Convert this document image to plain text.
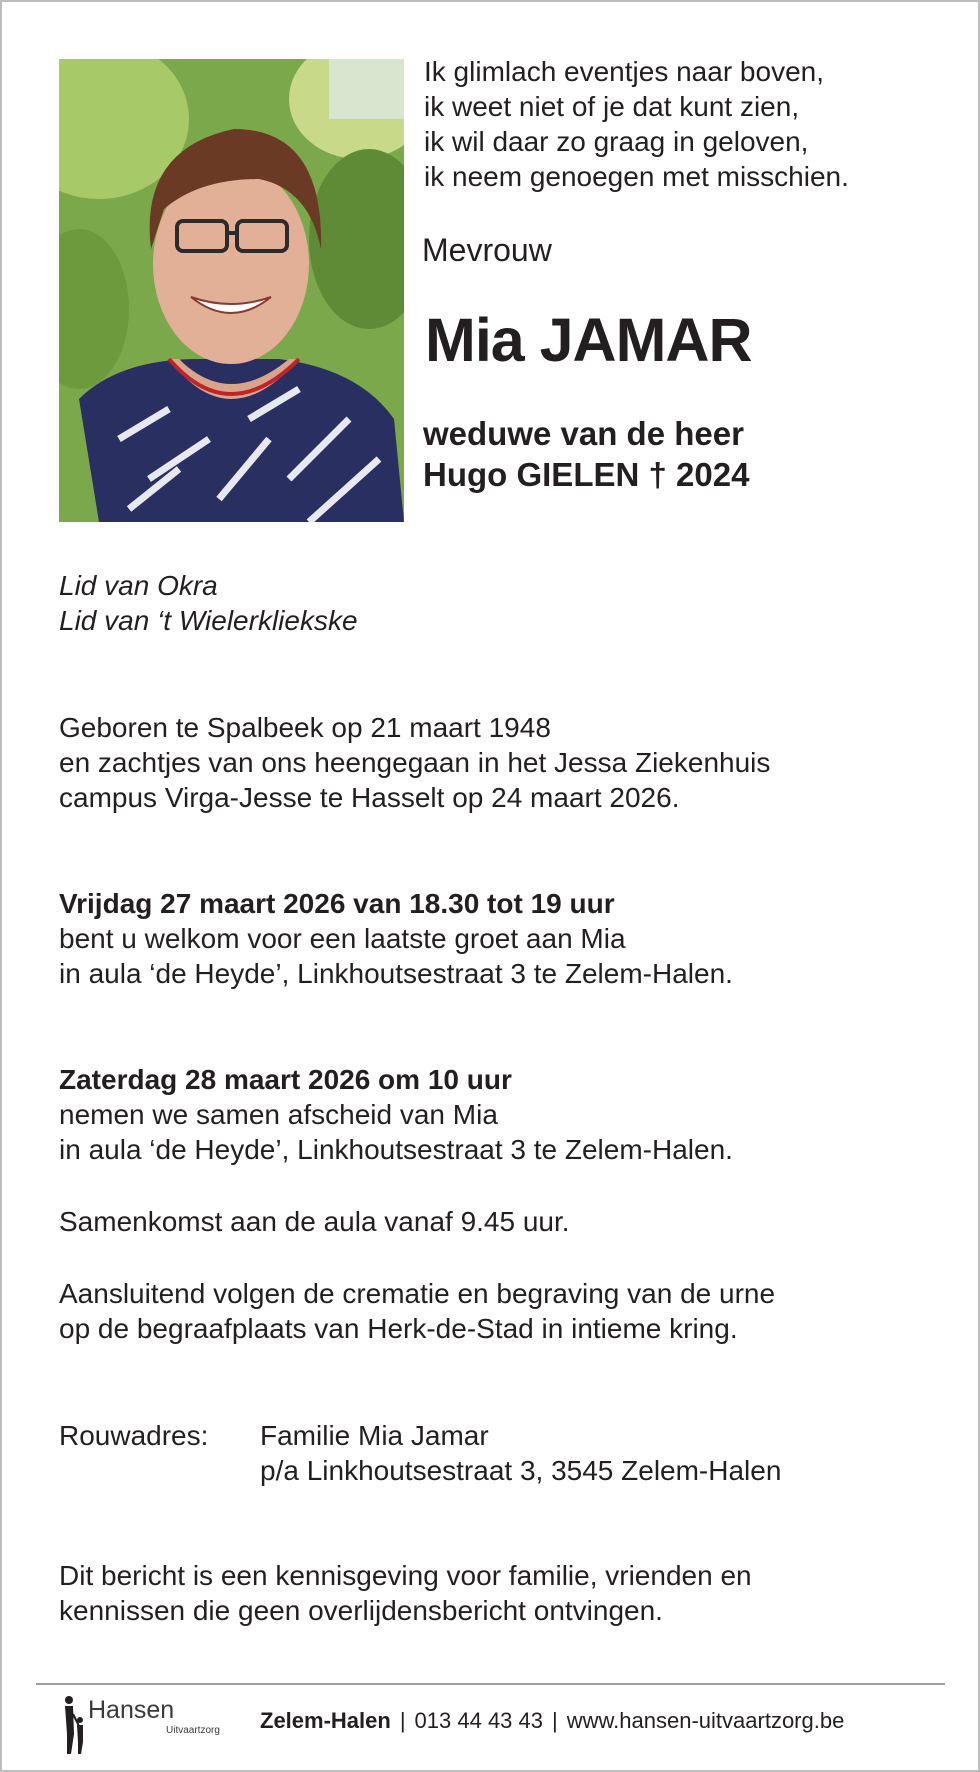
Ik glimlach eventjes naar boven,
ik weet niet of je dat kunt zien,
ik wil daar zo graag in geloven,
ik neem genoegen met misschien.
Mevrouw
Mia JAMAR
weduwe van de heer
Hugo GIELEN † 2024
Lid van Okra
Lid van ‘t Wielerkliekske
Geboren te Spalbeek op 21 maart 1948
en zachtjes van ons heengegaan in het Jessa Ziekenhuis
campus Virga-Jesse te Hasselt op 24 maart 2026.
Vrijdag 27 maart 2026 van 18.30 tot 19 uur
bent u welkom voor een laatste groet aan Mia
in aula ‘de Heyde’, Linkhoutsestraat 3 te Zelem-Halen.
Zaterdag 28 maart 2026 om 10 uur
nemen we samen afscheid van Mia
in aula ‘de Heyde’, Linkhoutsestraat 3 te Zelem-Halen.
Samenkomst aan de aula vanaf 9.45 uur.
Aansluitend volgen de crematie en begraving van de urne
op de begraafplaats van Herk-de-Stad in intieme kring.
Rouwadres: Familie Mia Jamar
p/a Linkhoutsestraat 3, 3545 Zelem-Halen
Dit bericht is een kennisgeving voor familie, vrienden en
kennissen die geen overlijdensbericht ontvingen.
Hansen
Uitvaartzorg Zelem-Halen | 013 44 43 43 | www.hansen-uitvaartzorg.be
